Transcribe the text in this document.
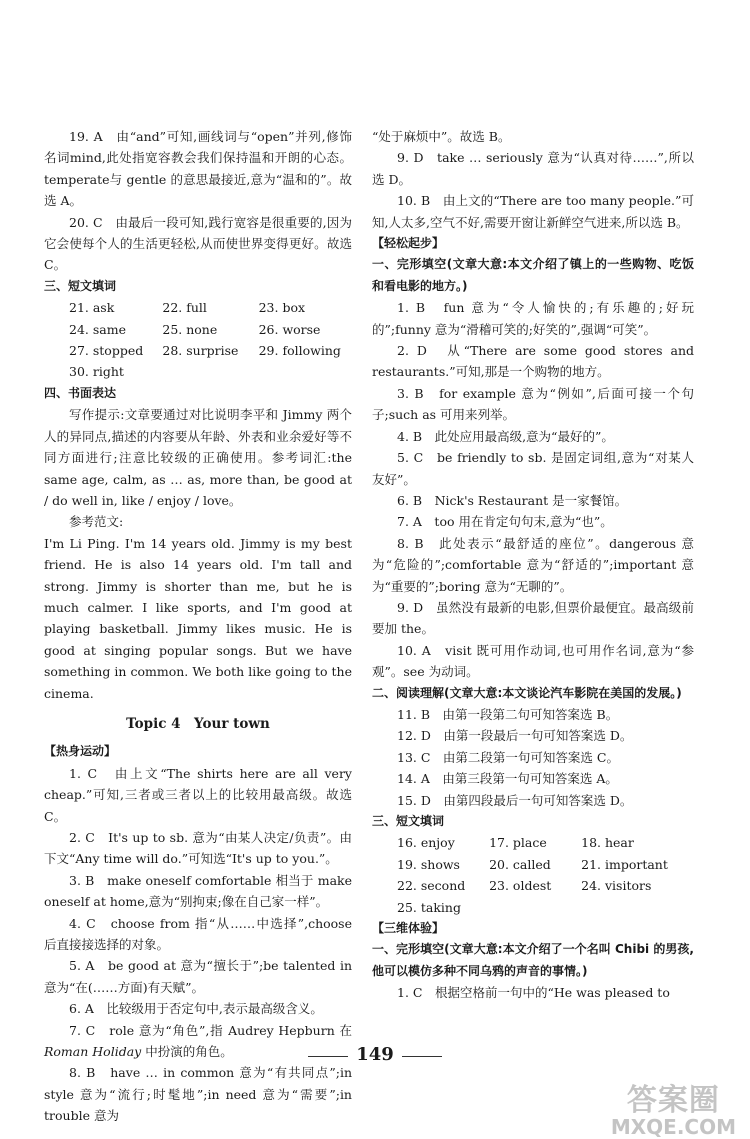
19. A　由“and”可知,画线词与“open”并列,修饰名词mind,此处指宽容教会我们保持温和开朗的心态。temperate与 gentle 的意思最接近,意为“温和的”。故选 A。

20. C　由最后一段可知,践行宽容是很重要的,因为它会使每个人的生活更轻松,从而使世界变得更好。故选 C。

三、短文填词

21. ask	22. full	23. box
24. same	25. none	26. worse
27. stopped	28. surprise	29. following
30. right

四、书面表达

写作提示:文章要通过对比说明李平和 Jimmy 两个人的异同点,描述的内容要从年龄、外表和业余爱好等不同方面进行;注意比较级的正确使用。参考词汇:the same age, calm, as … as, more than, be good at / do well in, like / enjoy / love。

参考范文:

I'm Li Ping. I'm 14 years old. Jimmy is my best friend. He is also 14 years old. I'm tall and strong. Jimmy is shorter than me, but he is much calmer. I like sports, and I'm good at playing basketball. Jimmy likes music. He is good at singing popular songs. But we have something in common. We both like going to the cinema.

Topic 4　Your town

【热身运动】

1. C　由上文“The shirts here are all very cheap.”可知,三者或三者以上的比较用最高级。故选 C。

2. C　It's up to sb. 意为“由某人决定/负责”。由下文“Any time will do.”可知选“It's up to you.”。

3. B　make oneself comfortable 相当于 make oneself at home,意为“别拘束;像在自己家一样”。

4. C　choose from 指“从……中选择”,choose 后直接接选择的对象。

5. A　be good at 意为“擅长于”;be talented in 意为“在(……方面)有天赋”。

6. A　比较级用于否定句中,表示最高级含义。

7. C　role 意为“角色”,指 Audrey Hepburn 在Roman Holiday 中扮演的角色。

8. B　have … in common 意为“有共同点”;in style 意为“流行;时髦地”;in need 意为“需要”;in trouble 意为

“处于麻烦中”。故选 B。

9. D　take … seriously 意为“认真对待……”,所以选 D。

10. B　由上文的“There are too many people.”可知,人太多,空气不好,需要开窗让新鲜空气进来,所以选 B。

【轻松起步】

一、完形填空(文章大意:本文介绍了镇上的一些购物、吃饭和看电影的地方。)

1. B　fun 意为“令人愉快的;有乐趣的;好玩的”;funny 意为“滑稽可笑的;好笑的”,强调“可笑”。

2. D　从“There are some good stores and restaurants.”可知,那是一个购物的地方。

3. B　for example 意为“例如”,后面可接一个句子;such as 可用来列举。

4. B　此处应用最高级,意为“最好的”。

5. C　be friendly to sb. 是固定词组,意为“对某人友好”。

6. B　Nick's Restaurant 是一家餐馆。

7. A　too 用在肯定句句末,意为“也”。

8. B　此处表示“最舒适的座位”。dangerous 意为“危险的”;comfortable 意为“舒适的”;important 意为“重要的”;boring 意为“无聊的”。

9. D　虽然没有最新的电影,但票价最便宜。最高级前要加 the。

10. A　visit 既可用作动词,也可用作名词,意为“参观”。see 为动词。

二、阅读理解(文章大意:本文谈论汽车影院在美国的发展。)

11. B　由第一段第二句可知答案选 B。

12. D　由第一段最后一句可知答案选 D。

13. C　由第二段第一句可知答案选 C。

14. A　由第三段第一句可知答案选 A。

15. D　由第四段最后一句可知答案选 D。

三、短文填词

16. enjoy	17. place	18. hear
19. shows	20. called	21. important
22. second	23. oldest	24. visitors
25. taking

【三维体验】

一、完形填空(文章大意:本文介绍了一个名叫 Chibi 的男孩,他可以模仿多种不同乌鸦的声音的事情。)

1. C　根据空格前一句中的“He was pleased to

149
答案圈
MXQE.COM
